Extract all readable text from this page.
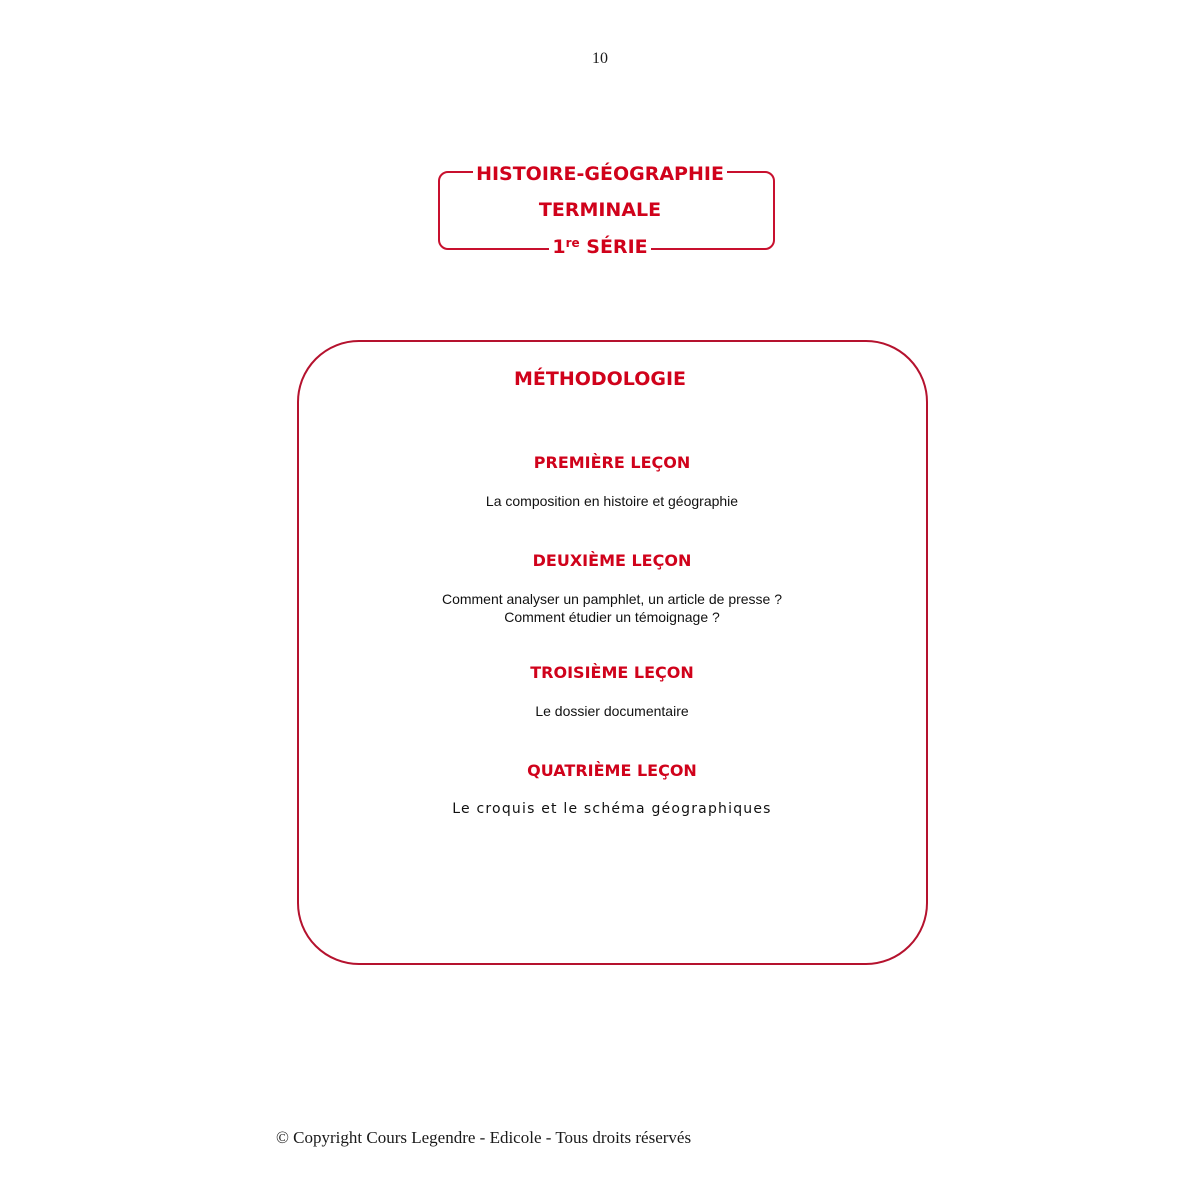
10
HISTOIRE-GÉOGRAPHIE
TERMINALE
1re SÉRIE
MÉTHODOLOGIE
PREMIÈRE LEÇON
La composition en histoire et géographie
DEUXIÈME LEÇON
Comment analyser un pamphlet, un article de presse ?
Comment étudier un témoignage ?
TROISIÈME LEÇON
Le dossier documentaire
QUATRIÈME LEÇON
Le croquis et le schéma géographiques
© Copyright Cours Legendre - Edicole - Tous droits réservés
